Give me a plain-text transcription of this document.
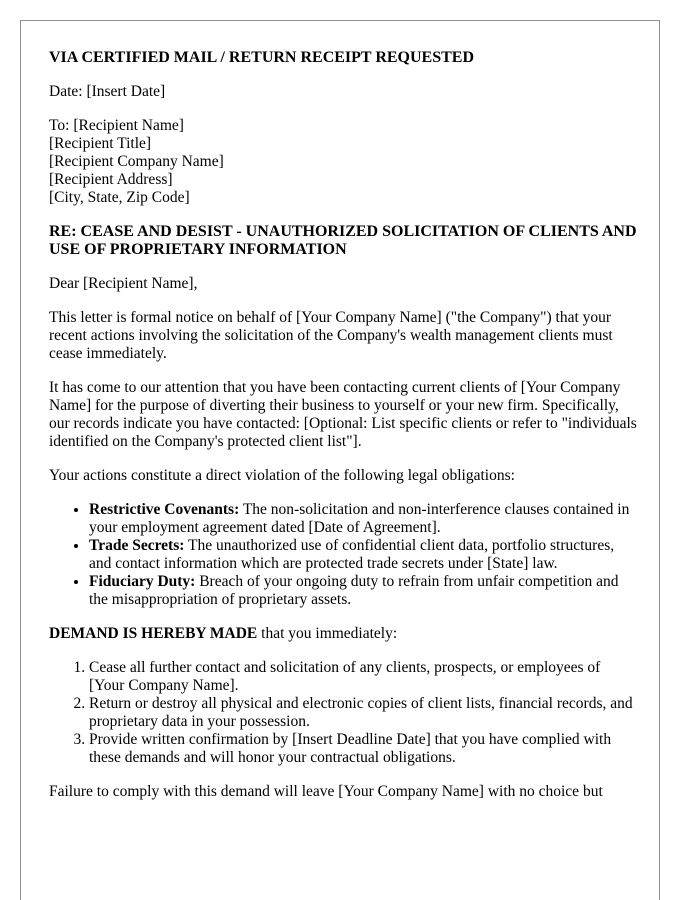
VIA CERTIFIED MAIL / RETURN RECEIPT REQUESTED

Date: [Insert Date]

To: [Recipient Name]
[Recipient Title]
[Recipient Company Name]
[Recipient Address]
[City, State, Zip Code]

RE: CEASE AND DESIST - UNAUTHORIZED SOLICITATION OF CLIENTS AND USE OF PROPRIETARY INFORMATION

Dear [Recipient Name],

This letter is formal notice on behalf of [Your Company Name] ("the Company") that your recent actions involving the solicitation of the Company's wealth management clients must cease immediately.

It has come to our attention that you have been contacting current clients of [Your Company Name] for the purpose of diverting their business to yourself or your new firm. Specifically, our records indicate you have contacted: [Optional: List specific clients or refer to "individuals identified on the Company's protected client list"].

Your actions constitute a direct violation of the following legal obligations:

• Restrictive Covenants: The non-solicitation and non-interference clauses contained in your employment agreement dated [Date of Agreement].
• Trade Secrets: The unauthorized use of confidential client data, portfolio structures, and contact information which are protected trade secrets under [State] law.
• Fiduciary Duty: Breach of your ongoing duty to refrain from unfair competition and the misappropriation of proprietary assets.

DEMAND IS HEREBY MADE that you immediately:

1. Cease all further contact and solicitation of any clients, prospects, or employees of [Your Company Name].
2. Return or destroy all physical and electronic copies of client lists, financial records, and proprietary data in your possession.
3. Provide written confirmation by [Insert Deadline Date] that you have complied with these demands and will honor your contractual obligations.

Failure to comply with this demand will leave [Your Company Name] with no choice but
